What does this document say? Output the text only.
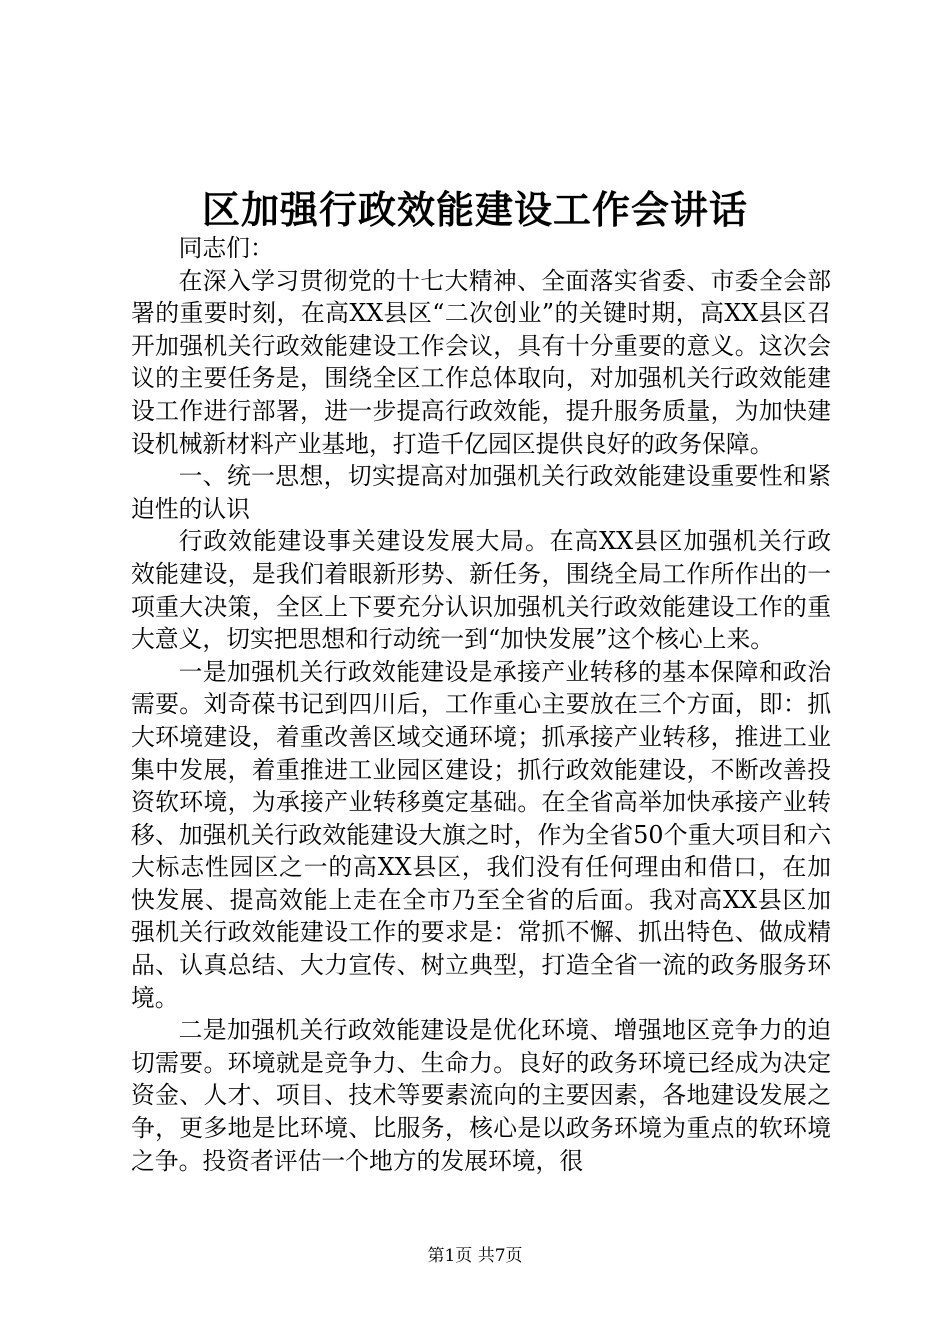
区加强行政效能建设工作会讲话

同志们：

在深入学习贯彻党的十七大精神、全面落实省委、市委全会部署的重要时刻，在高XX县区“二次创业”的关键时期，高XX县区召开加强机关行政效能建设工作会议，具有十分重要的意义。这次会议的主要任务是，围绕全区工作总体取向，对加强机关行政效能建设工作进行部署，进一步提高行政效能，提升服务质量，为加快建设机械新材料产业基地，打造千亿园区提供良好的政务保障。

一、统一思想，切实提高对加强机关行政效能建设重要性和紧迫性的认识

行政效能建设事关建设发展大局。在高XX县区加强机关行政效能建设，是我们着眼新形势、新任务，围绕全局工作所作出的一项重大决策，全区上下要充分认识加强机关行政效能建设工作的重大意义，切实把思想和行动统一到“加快发展”这个核心上来。

一是加强机关行政效能建设是承接产业转移的基本保障和政治需要。刘奇葆书记到四川后，工作重心主要放在三个方面，即：抓大环境建设，着重改善区域交通环境；抓承接产业转移，推进工业集中发展，着重推进工业园区建设；抓行政效能建设，不断改善投资软环境，为承接产业转移奠定基础。在全省高举加快承接产业转移、加强机关行政效能建设大旗之时，作为全省50个重大项目和六大标志性园区之一的高XX县区，我们没有任何理由和借口，在加快发展、提高效能上走在全市乃至全省的后面。我对高XX县区加强机关行政效能建设工作的要求是：常抓不懈、抓出特色、做成精品、认真总结、大力宣传、树立典型，打造全省一流的政务服务环境。

二是加强机关行政效能建设是优化环境、增强地区竞争力的迫切需要。环境就是竞争力、生命力。良好的政务环境已经成为决定资金、人才、项目、技术等要素流向的主要因素，各地建设发展之争，更多地是比环境、比服务，核心是以政务环境为重点的软环境之争。投资者评估一个地方的发展环境，很

第1页 共7页
